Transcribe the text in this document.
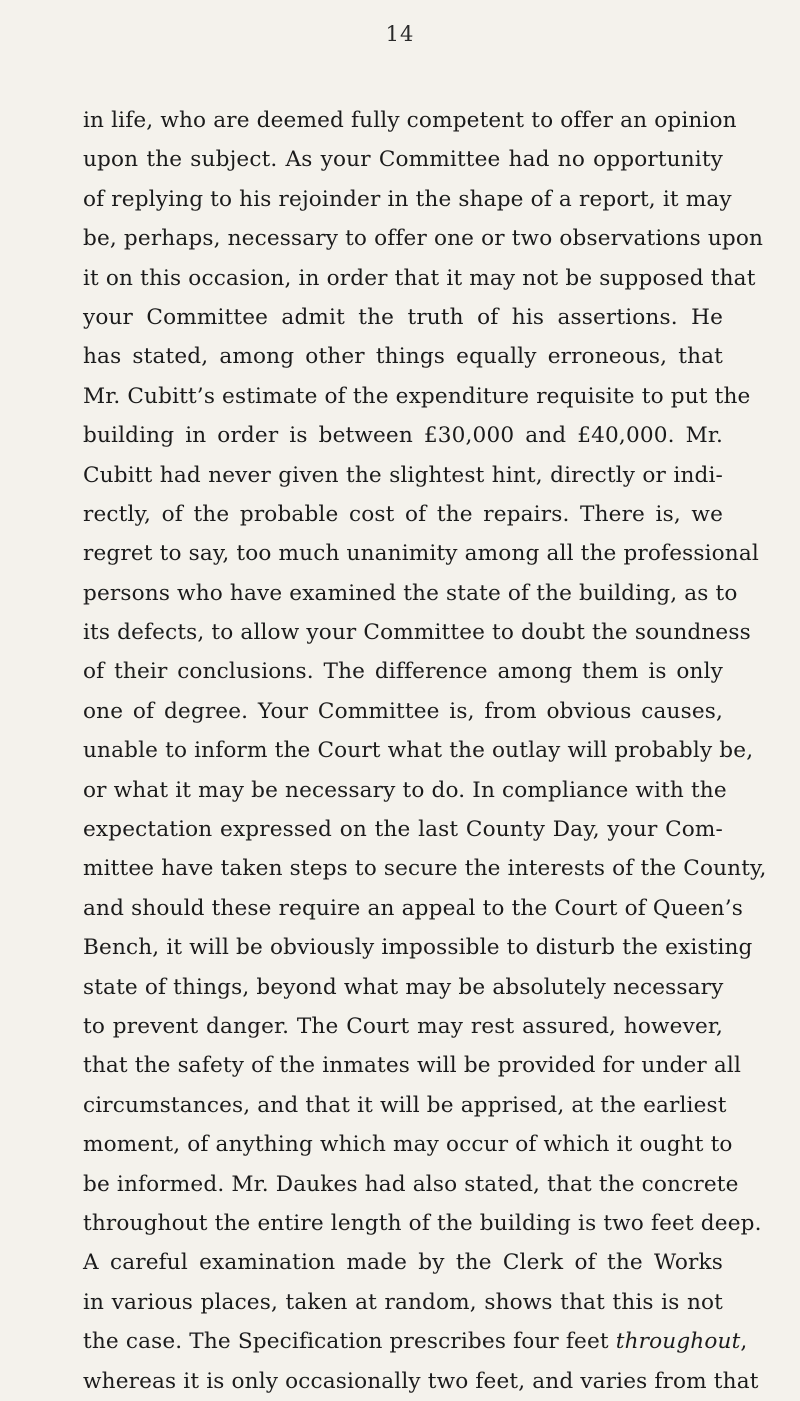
14
in life, who are deemed fully competent to offer an opinion
upon the subject. As your Committee had no opportunity
of replying to his rejoinder in the shape of a report, it may
be, perhaps, necessary to offer one or two observations upon
it on this occasion, in order that it may not be supposed that
your Committee admit the truth of his assertions. He
has stated, among other things equally erroneous, that
Mr. Cubitt’s estimate of the expenditure requisite to put the
building in order is between £30,000 and £40,000. Mr.
Cubitt had never given the slightest hint, directly or indi-
rectly, of the probable cost of the repairs. There is, we
regret to say, too much unanimity among all the professional
persons who have examined the state of the building, as to
its defects, to allow your Committee to doubt the soundness
of their conclusions. The difference among them is only
one of degree. Your Committee is, from obvious causes,
unable to inform the Court what the outlay will probably be,
or what it may be necessary to do. In compliance with the
expectation expressed on the last County Day, your Com-
mittee have taken steps to secure the interests of the County,
and should these require an appeal to the Court of Queen’s
Bench, it will be obviously impossible to disturb the existing
state of things, beyond what may be absolutely necessary
to prevent danger. The Court may rest assured, however,
that the safety of the inmates will be provided for under all
circumstances, and that it will be apprised, at the earliest
moment, of anything which may occur of which it ought to
be informed. Mr. Daukes had also stated, that the concrete
throughout the entire length of the building is two feet deep.
A careful examination made by the Clerk of the Works
in various places, taken at random, shows that this is not
the case. The Specification prescribes four feet throughout,
whereas it is only occasionally two feet, and varies from that
